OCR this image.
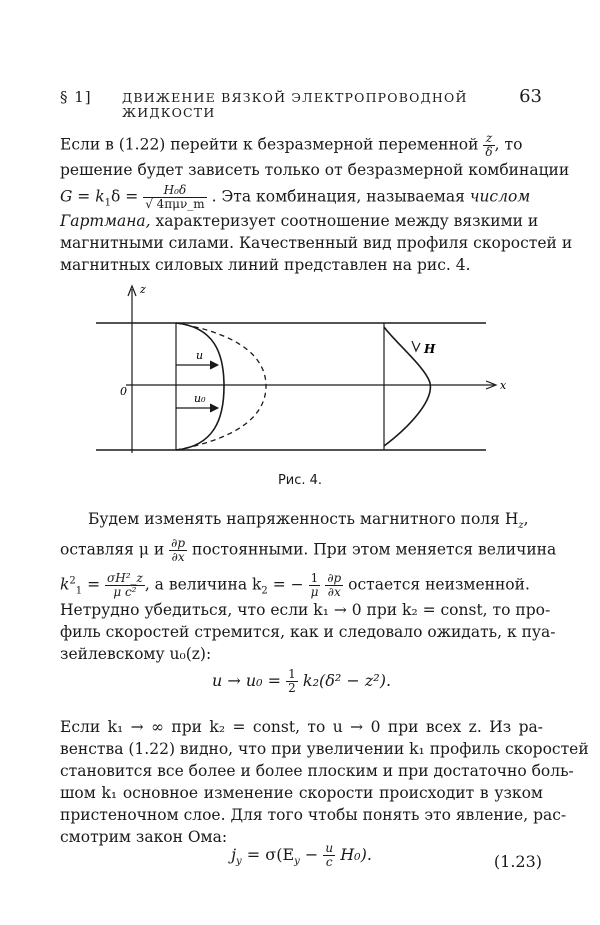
§ 1] ДВИЖЕНИЕ ВЯЗКОЙ ЭЛЕКТРОПРОВОДНОЙ ЖИДКОСТИ
63
Если в (1.22) перейти к безразмерной переменной $\frac{z}{\delta}$ , то
решение будет зависеть только от безразмерной комбинации
$G = k_1\delta = \frac{\text{H₀δ}}{\text{√ 4πμν\_m}}$ . Эта комбинация, называемая числом
Гартмана, характеризует соотношение между вязкими и
магнитными силами. Качественный вид профиля скоростей и
магнитных силовых линий представлен на рис. 4.
z
x
0
u
u₀
H
Рис. 4.
Будем изменять напряженность магнитного поля $H_z$,
оставляя μ и $\frac{\partial p}{\partial x}$ постоянными. При этом меняется величина
$k^2_1 = \frac{\text{σH²\_z}}{\text{μ c²}}$ , а величина $k_2$ = − $\frac{1}{\mu}$
$\frac{\partial p}{\partial x}$ остается неизменной.
Нетрудно убедиться, что если k₁ → 0 при k₂ = const, то про-
филь скоростей стремится, как и следовало ожидать, к пуа-
зейлевскому u₀(z):
$u \to u_0 = \frac{1}{2} k_2(\delta^2 - z^2)$.
Если k₁ → ∞ при k₂ = const, то u → 0 при всех z. Из ра-
венства (1.22) видно, что при увеличении k₁ профиль скоростей
становится все более и более плоским и при достаточно боль-
шом k₁ основное изменение скорости происходит в узком
пристеночном слое. Для того чтобы понять это явление, рас-
смотрим закон Ома:
$j_y = \sigma(E_y - \frac{u}{c} H_0)$.	(1.23)
